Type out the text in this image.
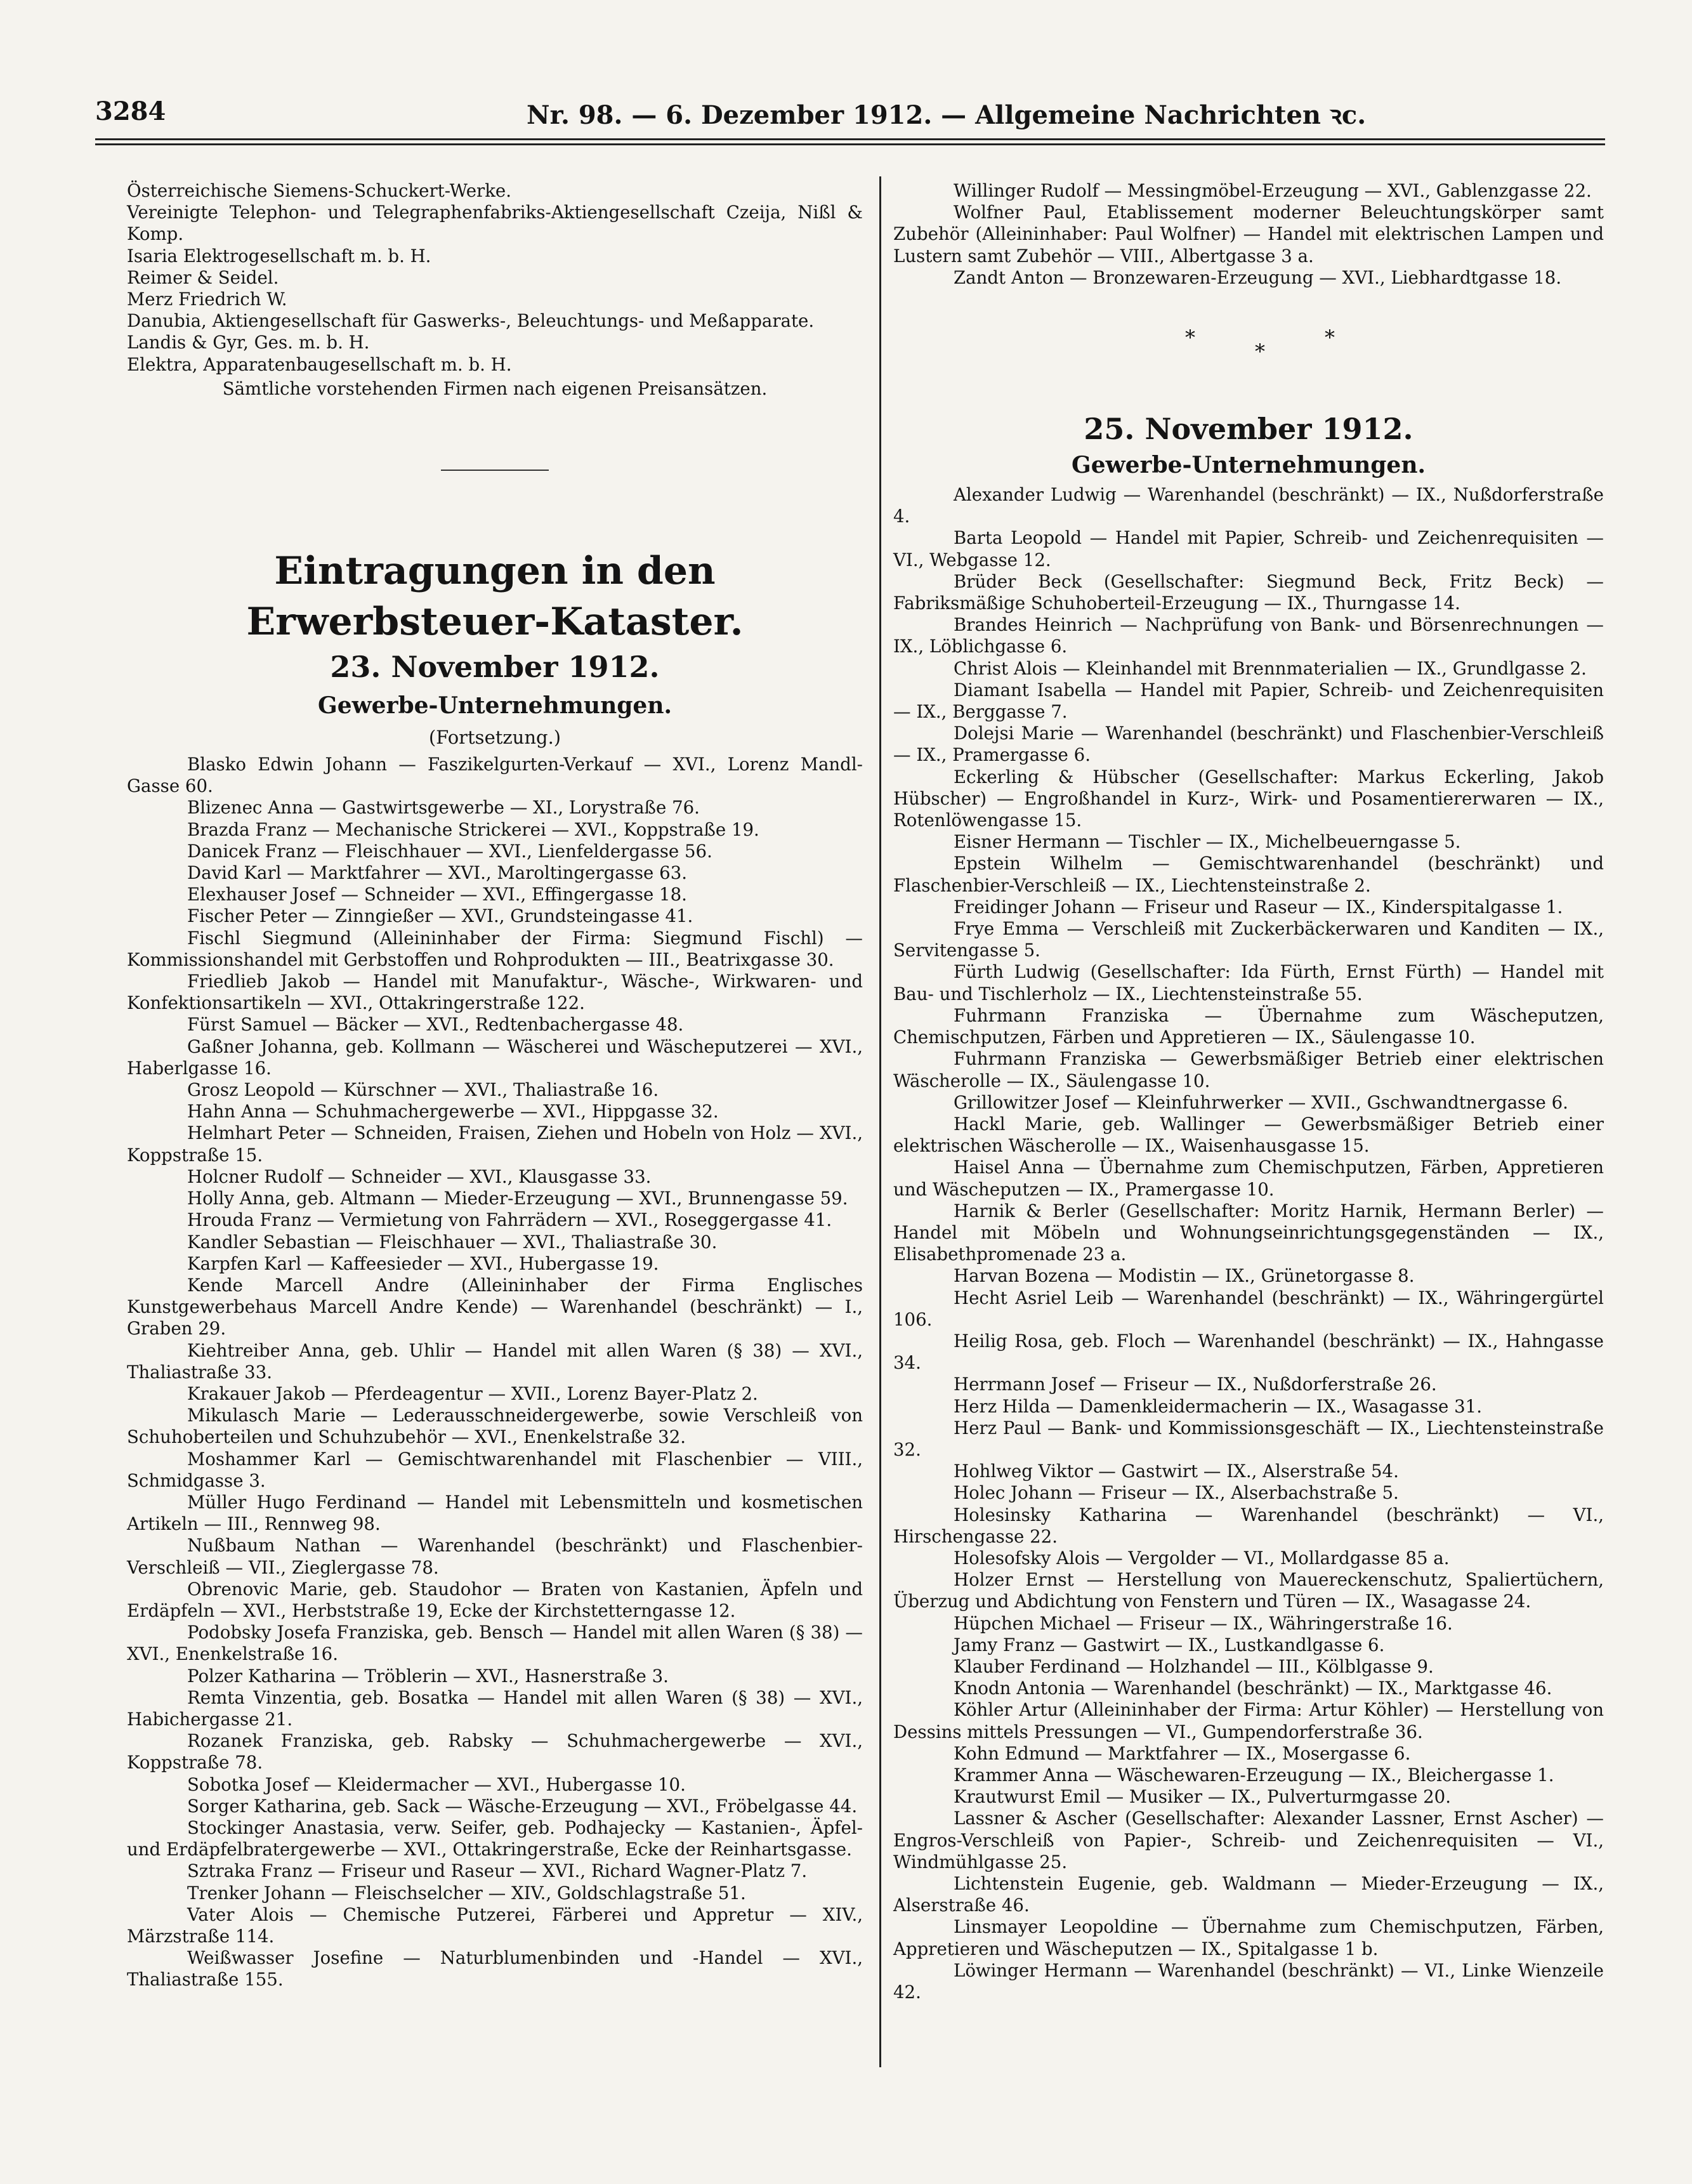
3284	Nr. 98. — 6. Dezember 1912. — Allgemeine Nachrichten ꝛc.
Österreichische Siemens-Schuckert-Werke.
Vereinigte Telephon- und Telegraphenfabriks-Aktiengesellschaft Czeija, Nißl & Komp.
Isaria Elektrogesellschaft m. b. H.
Reimer & Seidel.
Merz Friedrich W.
Danubia, Aktiengesellschaft für Gaswerks-, Beleuchtungs- und Meßapparate.
Landis & Gyr, Ges. m. b. H.
Elektra, Apparatenbaugesellschaft m. b. H.
Sämtliche vorstehenden Firmen nach eigenen Preisansätzen.
Eintragungen in den Erwerbsteuer-Kataster.
23. November 1912.
Gewerbe-Unternehmungen.
(Fortsetzung.)
Blasko Edwin Johann — Faszikelgurten-Verkauf — XVI., Lorenz Mandl-Gasse 60.
Blizenec Anna — Gastwirtsgewerbe — XI., Lorystraße 76.
Brazda Franz — Mechanische Strickerei — XVI., Koppstraße 19.
Danicek Franz — Fleischhauer — XVI., Lienfeldergasse 56.
David Karl — Marktfahrer — XVI., Maroltingergasse 63.
Elexhauser Josef — Schneider — XVI., Effingergasse 18.
Fischer Peter — Zinngießer — XVI., Grundsteingasse 41.
Fischl Siegmund (Alleininhaber der Firma: Siegmund Fischl) — Kommissionshandel mit Gerbstoffen und Rohprodukten — III., Beatrixgasse 30.
Friedlieb Jakob — Handel mit Manufaktur-, Wäsche-, Wirkwaren- und Konfektionsartikeln — XVI., Ottakringerstraße 122.
Fürst Samuel — Bäcker — XVI., Redtenbachergasse 48.
Gaßner Johanna, geb. Kollmann — Wäscherei und Wäscheputzerei — XVI., Haberlgasse 16.
Grosz Leopold — Kürschner — XVI., Thaliastraße 16.
Hahn Anna — Schuhmachergewerbe — XVI., Hippgasse 32.
Helmhart Peter — Schneiden, Fraisen, Ziehen und Hobeln von Holz — XVI., Koppstraße 15.
Holcner Rudolf — Schneider — XVI., Klausgasse 33.
Holly Anna, geb. Altmann — Mieder-Erzeugung — XVI., Brunnengasse 59.
Hrouda Franz — Vermietung von Fahrrädern — XVI., Roseggergasse 41.
Kandler Sebastian — Fleischhauer — XVI., Thaliastraße 30.
Karpfen Karl — Kaffeesieder — XVI., Hubergasse 19.
Kende Marcell Andre (Alleininhaber der Firma Englisches Kunstgewerbehaus Marcell Andre Kende) — Warenhandel (beschränkt) — I., Graben 29.
Kiehtreiber Anna, geb. Uhlir — Handel mit allen Waren (§ 38) — XVI., Thaliastraße 33.
Krakauer Jakob — Pferdeagentur — XVII., Lorenz Bayer-Platz 2.
Mikulasch Marie — Lederausschneidergewerbe, sowie Verschleiß von Schuhoberteilen und Schuhzubehör — XVI., Enenkelstraße 32.
Moshammer Karl — Gemischtwarenhandel mit Flaschenbier — VIII., Schmidgasse 3.
Müller Hugo Ferdinand — Handel mit Lebensmitteln und kosmetischen Artikeln — III., Rennweg 98.
Nußbaum Nathan — Warenhandel (beschränkt) und Flaschenbier-Verschleiß — VII., Zieglergasse 78.
Obrenovic Marie, geb. Staudohor — Braten von Kastanien, Äpfeln und Erdäpfeln — XVI., Herbststraße 19, Ecke der Kirchstetterngasse 12.
Podobsky Josefa Franziska, geb. Bensch — Handel mit allen Waren (§ 38) — XVI., Enenkelstraße 16.
Polzer Katharina — Tröblerin — XVI., Hasnerstraße 3.
Remta Vinzentia, geb. Bosatka — Handel mit allen Waren (§ 38) — XVI., Habichergasse 21.
Rozanek Franziska, geb. Rabsky — Schuhmachergewerbe — XVI., Koppstraße 78.
Sobotka Josef — Kleidermacher — XVI., Hubergasse 10.
Sorger Katharina, geb. Sack — Wäsche-Erzeugung — XVI., Fröbelgasse 44.
Stockinger Anastasia, verw. Seifer, geb. Podhajecky — Kastanien-, Äpfel- und Erdäpfelbratergewerbe — XVI., Ottakringerstraße, Ecke der Reinhartsgasse.
Sztraka Franz — Friseur und Raseur — XVI., Richard Wagner-Platz 7.
Trenker Johann — Fleischselcher — XIV., Goldschlagstraße 51.
Vater Alois — Chemische Putzerei, Färberei und Appretur — XIV., Märzstraße 114.
Weißwasser Josefine — Naturblumenbinden und -Handel — XVI., Thaliastraße 155.
Willinger Rudolf — Messingmöbel-Erzeugung — XVI., Gablenzgasse 22.
Wolfner Paul, Etablissement moderner Beleuchtungskörper samt Zubehör (Alleininhaber: Paul Wolfner) — Handel mit elektrischen Lampen und Lustern samt Zubehör — VIII., Albertgasse 3 a.
Zandt Anton — Bronzewaren-Erzeugung — XVI., Liebhardtgasse 18.
*
*
*
25. November 1912.
Gewerbe-Unternehmungen.
Alexander Ludwig — Warenhandel (beschränkt) — IX., Nußdorferstraße 4.
Barta Leopold — Handel mit Papier, Schreib- und Zeichenrequisiten — VI., Webgasse 12.
Brüder Beck (Gesellschafter: Siegmund Beck, Fritz Beck) — Fabriksmäßige Schuhoberteil-Erzeugung — IX., Thurngasse 14.
Brandes Heinrich — Nachprüfung von Bank- und Börsenrechnungen — IX., Löblichgasse 6.
Christ Alois — Kleinhandel mit Brennmaterialien — IX., Grundlgasse 2.
Diamant Isabella — Handel mit Papier, Schreib- und Zeichenrequisiten — IX., Berggasse 7.
Dolejsi Marie — Warenhandel (beschränkt) und Flaschenbier-Verschleiß — IX., Pramergasse 6.
Eckerling & Hübscher (Gesellschafter: Markus Eckerling, Jakob Hübscher) — Engroßhandel in Kurz-, Wirk- und Posamentiererwaren — IX., Rotenlöwengasse 15.
Eisner Hermann — Tischler — IX., Michelbeuerngasse 5.
Epstein Wilhelm — Gemischtwarenhandel (beschränkt) und Flaschenbier-Verschleiß — IX., Liechtensteinstraße 2.
Freidinger Johann — Friseur und Raseur — IX., Kinderspitalgasse 1.
Frye Emma — Verschleiß mit Zuckerbäckerwaren und Kanditen — IX., Servitengasse 5.
Fürth Ludwig (Gesellschafter: Ida Fürth, Ernst Fürth) — Handel mit Bau- und Tischlerholz — IX., Liechtensteinstraße 55.
Fuhrmann Franziska — Übernahme zum Wäscheputzen, Chemischputzen, Färben und Appretieren — IX., Säulengasse 10.
Fuhrmann Franziska — Gewerbsmäßiger Betrieb einer elektrischen Wäscherolle — IX., Säulengasse 10.
Grillowitzer Josef — Kleinfuhrwerker — XVII., Gschwandtnergasse 6.
Hackl Marie, geb. Wallinger — Gewerbsmäßiger Betrieb einer elektrischen Wäscherolle — IX., Waisenhausgasse 15.
Haisel Anna — Übernahme zum Chemischputzen, Färben, Appretieren und Wäscheputzen — IX., Pramergasse 10.
Harnik & Berler (Gesellschafter: Moritz Harnik, Hermann Berler) — Handel mit Möbeln und Wohnungseinrichtungsgegenständen — IX., Elisabethpromenade 23 a.
Harvan Bozena — Modistin — IX., Grünetorgasse 8.
Hecht Asriel Leib — Warenhandel (beschränkt) — IX., Währingergürtel 106.
Heilig Rosa, geb. Floch — Warenhandel (beschränkt) — IX., Hahngasse 34.
Herrmann Josef — Friseur — IX., Nußdorferstraße 26.
Herz Hilda — Damenkleidermacherin — IX., Wasagasse 31.
Herz Paul — Bank- und Kommissionsgeschäft — IX., Liechtensteinstraße 32.
Hohlweg Viktor — Gastwirt — IX., Alserstraße 54.
Holec Johann — Friseur — IX., Alserbachstraße 5.
Holesinsky Katharina — Warenhandel (beschränkt) — VI., Hirschengasse 22.
Holesofsky Alois — Vergolder — VI., Mollardgasse 85 a.
Holzer Ernst — Herstellung von Mauereckenschutz, Spaliertüchern, Überzug und Abdichtung von Fenstern und Türen — IX., Wasagasse 24.
Hüpchen Michael — Friseur — IX., Währingerstraße 16.
Jamy Franz — Gastwirt — IX., Lustkandlgasse 6.
Klauber Ferdinand — Holzhandel — III., Kölblgasse 9.
Knodn Antonia — Warenhandel (beschränkt) — IX., Marktgasse 46.
Köhler Artur (Alleininhaber der Firma: Artur Köhler) — Herstellung von Dessins mittels Pressungen — VI., Gumpendorferstraße 36.
Kohn Edmund — Marktfahrer — IX., Mosergasse 6.
Krammer Anna — Wäschewaren-Erzeugung — IX., Bleichergasse 1.
Krautwurst Emil — Musiker — IX., Pulverturmgasse 20.
Lassner & Ascher (Gesellschafter: Alexander Lassner, Ernst Ascher) — Engros-Verschleiß von Papier-, Schreib- und Zeichenrequisiten — VI., Windmühlgasse 25.
Lichtenstein Eugenie, geb. Waldmann — Mieder-Erzeugung — IX., Alserstraße 46.
Linsmayer Leopoldine — Übernahme zum Chemischputzen, Färben, Appretieren und Wäscheputzen — IX., Spitalgasse 1 b.
Löwinger Hermann — Warenhandel (beschränkt) — VI., Linke Wienzeile 42.
